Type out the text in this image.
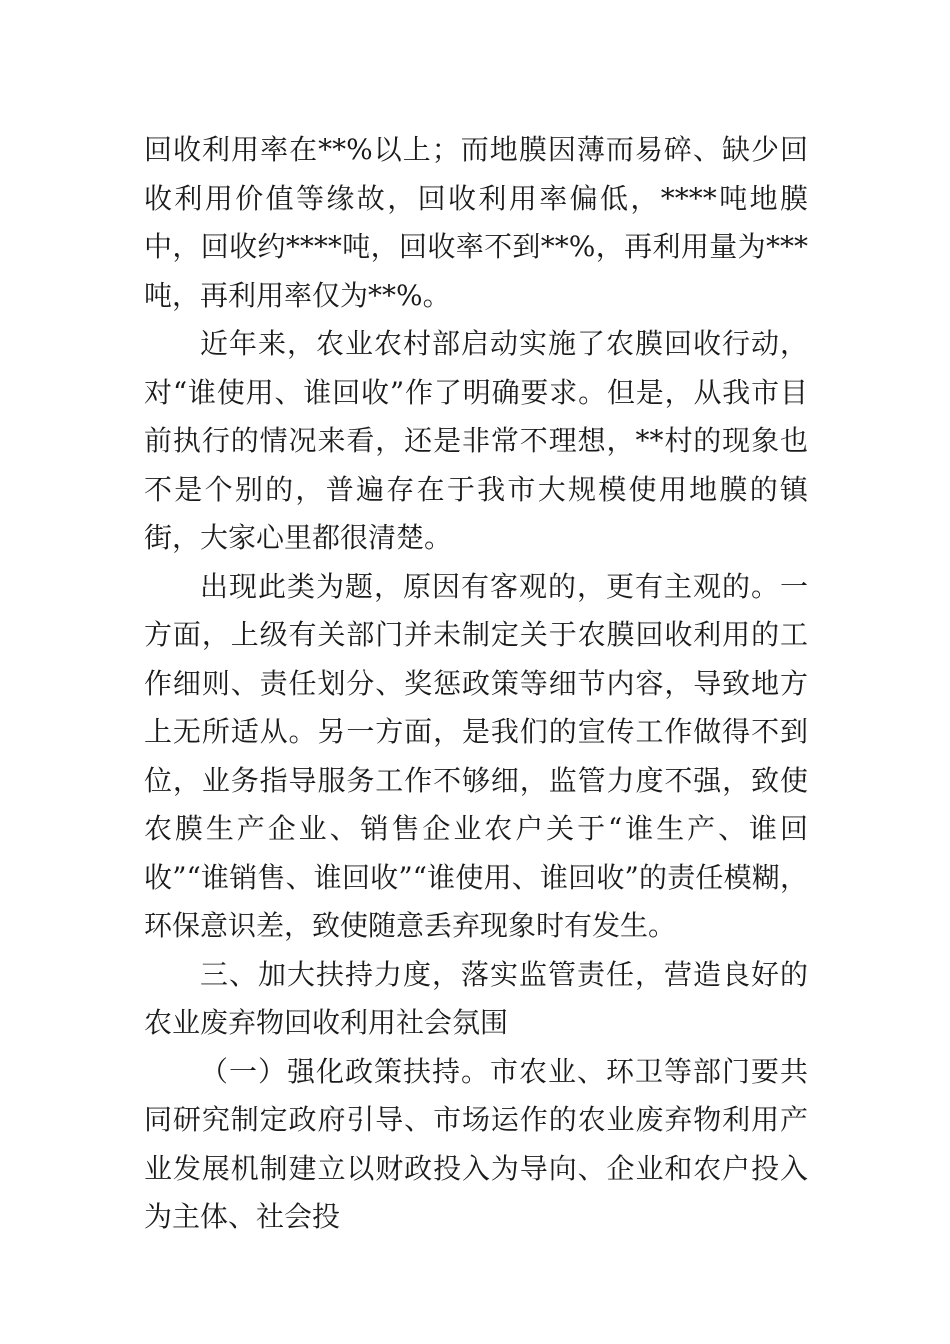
回收利用率在**%以上；而地膜因薄而易碎、缺少回收利用价值等缘故，回收利用率偏低，****吨地膜中，回收约****吨，回收率不到**%，再利用量为***吨，再利用率仅为**%。

近年来，农业农村部启动实施了农膜回收行动，对“谁使用、谁回收”作了明确要求。但是，从我市目前执行的情况来看，还是非常不理想，**村的现象也不是个别的，普遍存在于我市大规模使用地膜的镇街，大家心里都很清楚。

出现此类为题，原因有客观的，更有主观的。一方面，上级有关部门并未制定关于农膜回收利用的工作细则、责任划分、奖惩政策等细节内容，导致地方上无所适从。另一方面，是我们的宣传工作做得不到位，业务指导服务工作不够细，监管力度不强，致使农膜生产企业、销售企业农户关于“谁生产、谁回收”“谁销售、谁回收”“谁使用、谁回收”的责任模糊，环保意识差，致使随意丢弃现象时有发生。

三、加大扶持力度，落实监管责任，营造良好的农业废弃物回收利用社会氛围

（一）强化政策扶持。市农业、环卫等部门要共同研究制定政府引导、市场运作的农业废弃物利用产业发展机制建立以财政投入为导向、企业和农户投入为主体、社会投
